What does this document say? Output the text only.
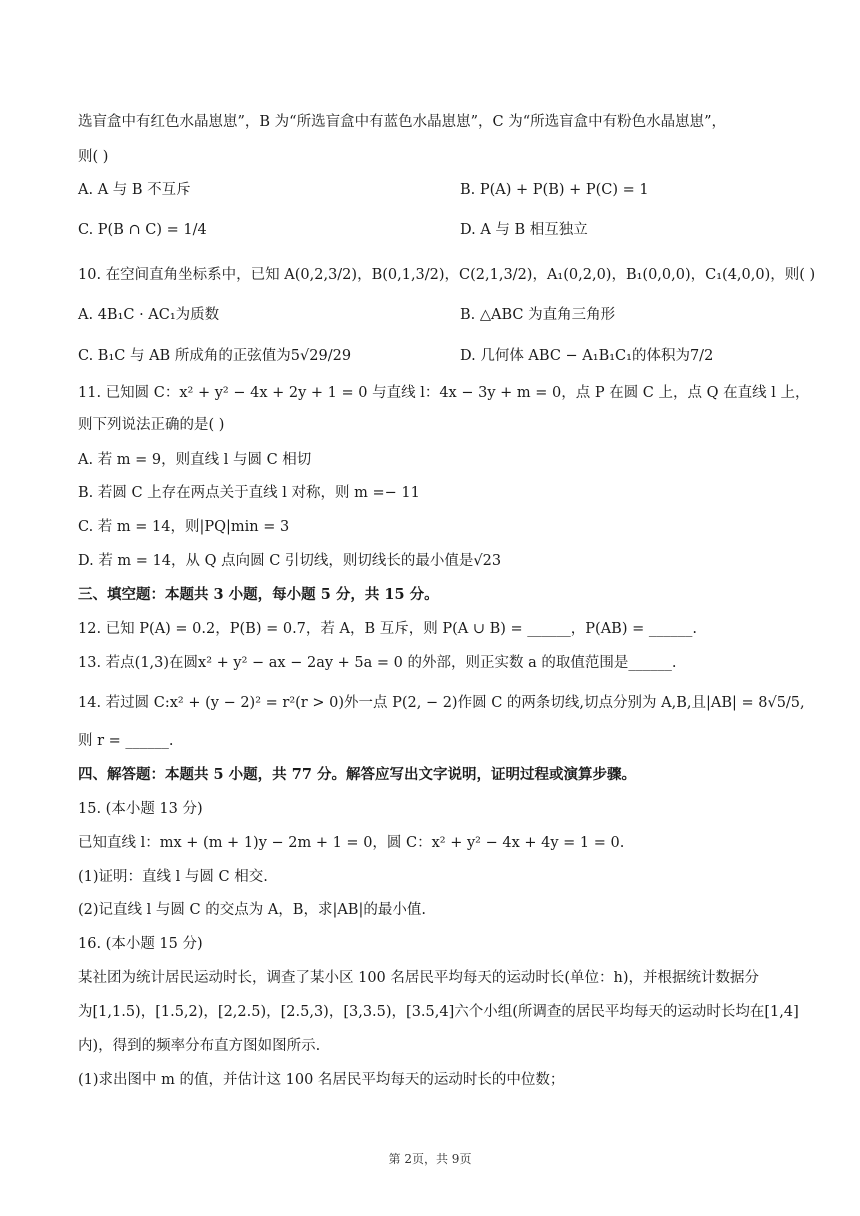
选盲盒中有红色水晶崽崽”，B 为“所选盲盒中有蓝色水晶崽崽”，C 为“所选盲盒中有粉色水晶崽崽”，
则( )
A. A 与 B 不互斥	B. P(A) + P(B) + P(C) = 1
C. P(B ∩ C) = 1/4	D. A 与 B 相互独立
10. 在空间直角坐标系中，已知 A(0,2,3/2)，B(0,1,3/2)，C(2,1,3/2)，A₁(0,2,0)，B₁(0,0,0)，C₁(4,0,0)，则( )
A. 4B₁C · AC₁为质数	B. △ABC 为直角三角形
C. B₁C 与 AB 所成角的正弦值为5√29/29	D. 几何体 ABC − A₁B₁C₁的体积为7/2
11. 已知圆 C：x² + y² − 4x + 2y + 1 = 0 与直线 l：4x − 3y + m = 0，点 P 在圆 C 上，点 Q 在直线 l 上，
则下列说法正确的是( )
A. 若 m = 9，则直线 l 与圆 C 相切
B. 若圆 C 上存在两点关于直线 l 对称，则 m =− 11
C. 若 m = 14，则|PQ|min = 3
D. 若 m = 14，从 Q 点向圆 C 引切线，则切线长的最小值是√23
三、填空题：本题共 3 小题，每小题 5 分，共 15 分。
12. 已知 P(A) = 0.2，P(B) = 0.7，若 A，B 互斥，则 P(A ∪ B) = ______，P(AB) = ______.
13. 若点(1,3)在圆x² + y² − ax − 2ay + 5a = 0 的外部，则正实数 a 的取值范围是______.
14. 若过圆 C:x² + (y − 2)² = r²(r > 0)外一点 P(2, − 2)作圆 C 的两条切线,切点分别为 A,B,且|AB| = 8√5/5,
则 r = ______.
四、解答题：本题共 5 小题，共 77 分。解答应写出文字说明，证明过程或演算步骤。
15. (本小题 13 分)
已知直线 l：mx + (m + 1)y − 2m + 1 = 0，圆 C：x² + y² − 4x + 4y = 1 = 0.
(1)证明：直线 l 与圆 C 相交.
(2)记直线 l 与圆 C 的交点为 A，B，求|AB|的最小值.
16. (本小题 15 分)
某社团为统计居民运动时长，调查了某小区 100 名居民平均每天的运动时长(单位：h)，并根据统计数据分
为[1,1.5)，[1.5,2)，[2,2.5)，[2.5,3)，[3,3.5)，[3.5,4]六个小组(所调查的居民平均每天的运动时长均在[1,4]
内)，得到的频率分布直方图如图所示.
(1)求出图中 m 的值，并估计这 100 名居民平均每天的运动时长的中位数；
第 2页，共 9页
